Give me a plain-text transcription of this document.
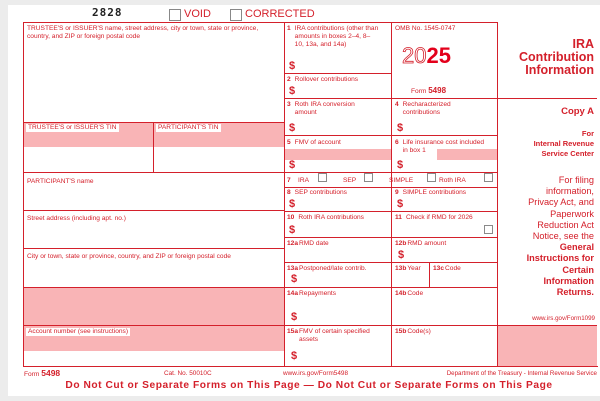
2828	VOID	CORRECTED
TRUSTEE'S or ISSUER'S name, street address, city or town, state or province, country, and ZIP or foreign postal code
TRUSTEE'S or ISSUER'S TIN	PARTICIPANT'S TIN
PARTICIPANT'S name
Street address (including apt. no.)
City or town, state or province, country, and ZIP or foreign postal code
Account number (see instructions)
1 IRA contributions (other than amounts in boxes 2–4, 8–10, 13a, and 14a)
$
2 Rollover contributions
$
OMB No. 1545-0747
2025
Form 5498
IRA
Contribution
Information
3 Roth IRA conversion amount
$
4 Recharacterized contributions
$
Copy A
For
Internal Revenue
Service Center
For filing
information,
Privacy Act, and
Paperwork
Reduction Act
Notice, see the
General
Instructions for
Certain
Information
Returns.
www.irs.gov/Form1099
5 FMV of account
$
6 Life insurance cost included in box 1
$
7 IRA	SEP	SIMPLE	Roth IRA
8 SEP contributions
$
9 SIMPLE contributions
$
10 Roth IRA contributions
$
11 Check if RMD for 2026
12aRMD date	12bRMD amount
$
13aPostponed/late contrib.
$
13bYear 13cCode
14aRepayments
$
14bCode
15aFMV of certain specified assets
$
15bCode(s)
Form 5498	Cat. No. 50010C	www.irs.gov/Form5498	Department of the Treasury - Internal Revenue Service
Do Not Cut or Separate Forms on This Page — Do Not Cut or Separate Forms on This Page
